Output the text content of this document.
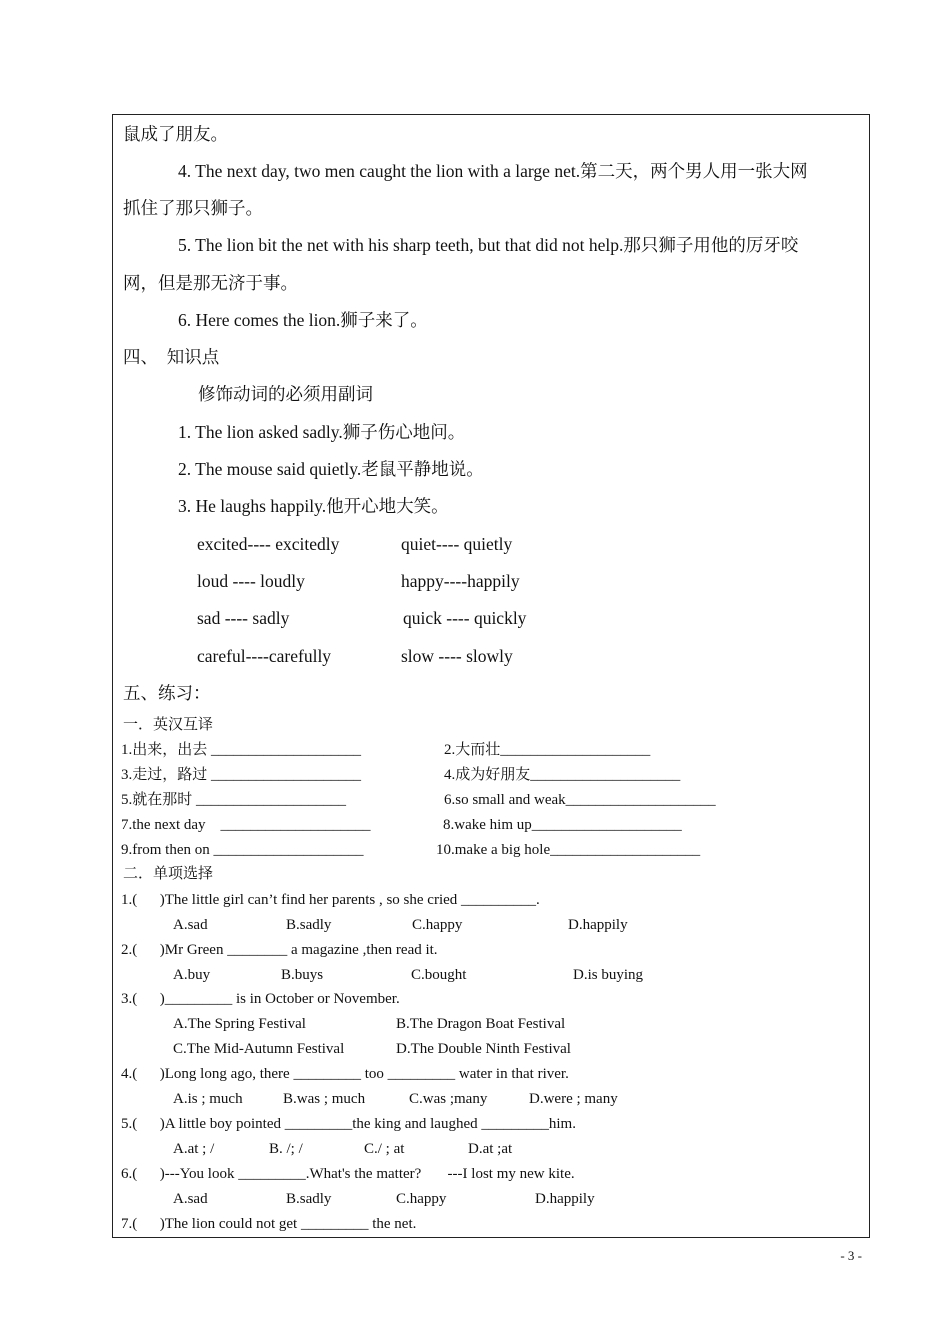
鼠成了朋友。
4. The next day, two men caught the lion with a large net.第二天，两个男人用一张大网
抓住了那只狮子。
5. The lion bit the net with his sharp teeth, but that did not help.那只狮子用他的厉牙咬
网，但是那无济于事。
6. Here comes the lion.狮子来了。
四、  知识点
修饰动词的必须用副词
1. The lion asked sadly.狮子伤心地问。
2. The mouse said quietly.老鼠平静地说。
3. He laughs happily.他开心地大笑。
excited---- excitedly	quiet---- quietly
loud ---- loudly	happy----happily
sad ---- sadly	quick ---- quickly
careful----carefully	slow ---- slowly
五、练习：
一．英汉互译
1.出来，出去 ____________________	2.大而壮____________________
3.走过，路过 ____________________	4.成为好朋友____________________
5.就在那时 ____________________	6.so small and weak____________________
7.the next day    ____________________	8.wake him up____________________
9.from then on ____________________	10.make a big hole____________________
二．单项选择
1.(      )The little girl can’t find her parents , so she cried __________.
A.sad	B.sadly	C.happy	D.happily
2.(      )Mr Green ________ a magazine ,then read it.
A.buy	B.buys	C.bought	D.is buying
3.(      )_________ is in October or November.
A.The Spring Festival	B.The Dragon Boat Festival
C.The Mid-Autumn Festival	D.The Double Ninth Festival
4.(      )Long long ago, there _________ too _________ water in that river.
A.is ; much	B.was ; much	C.was ;many	D.were ; many
5.(      )A little boy pointed _________the king and laughed _________him.
A.at ; /	B. /; /	C./ ; at	D.at ;at
6.(      )---You look _________.What's the matter?       ---I lost my new kite.
A.sad	B.sadly	C.happy	D.happily
7.(      )The lion could not get _________ the net.
- 3 -
